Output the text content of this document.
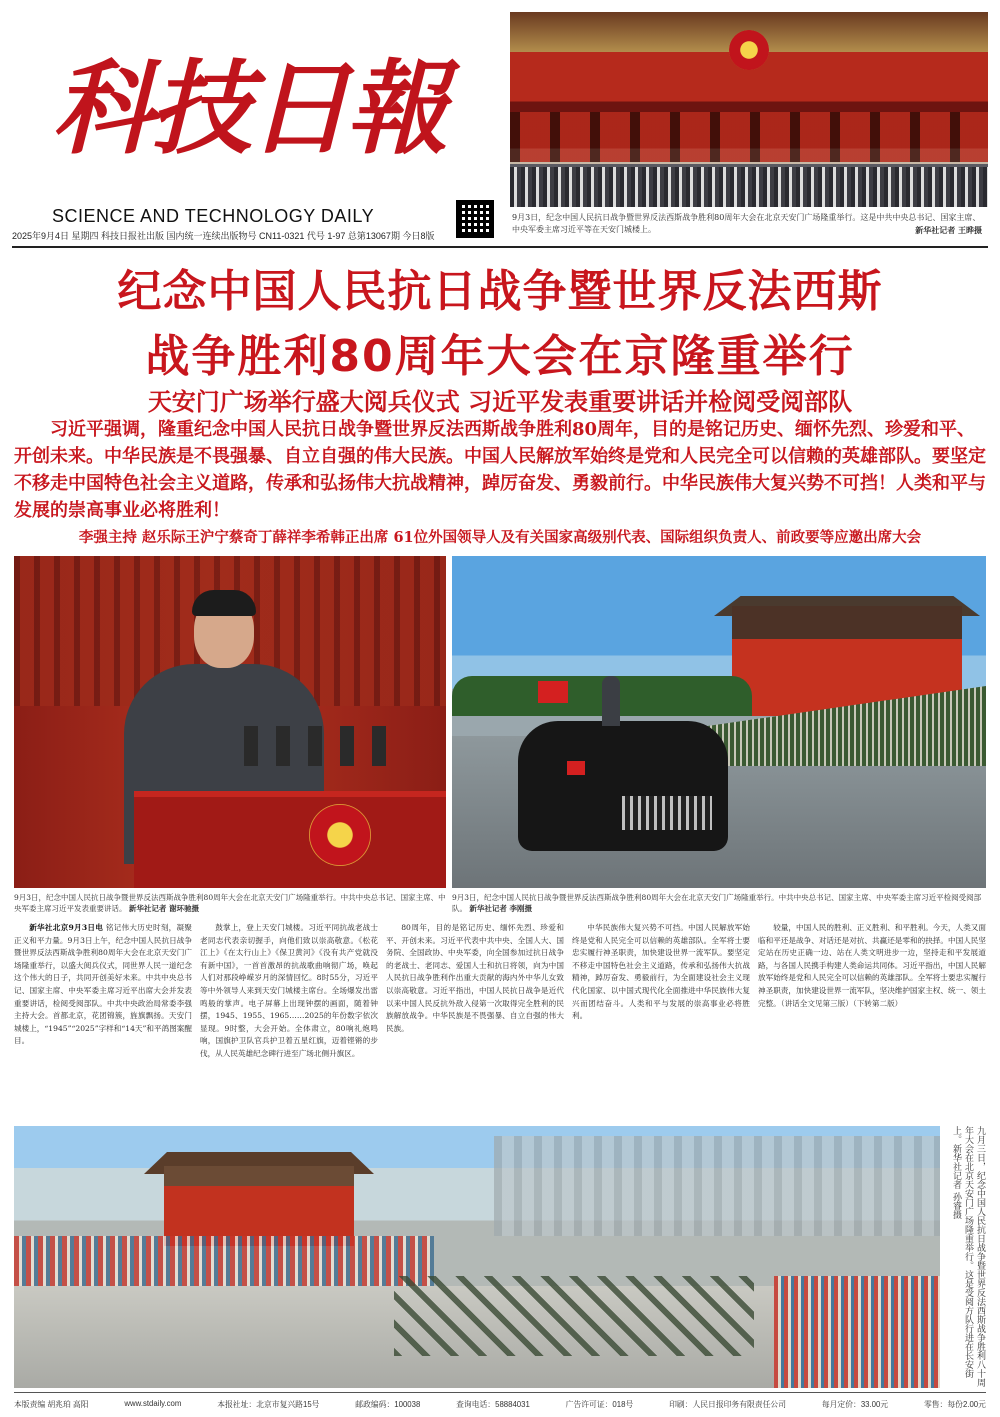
科技日報
SCIENCE AND TECHNOLOGY DAILY
2025年9月4日 星期四 科技日报社出版 国内统一连续出版物号 CN11-0321 代号 1-97 总第13067期 今日8版
9月3日，纪念中国人民抗日战争暨世界反法西斯战争胜利80周年大会在北京天安门广场隆重举行。这是中共中央总书记、国家主席、中央军委主席习近平等在天安门城楼上。	新华社记者 王晔摄
纪念中国人民抗日战争暨世界反法西斯
战争胜利80周年大会在京隆重举行
天安门广场举行盛大阅兵仪式 习近平发表重要讲话并检阅受阅部队
习近平强调，隆重纪念中国人民抗日战争暨世界反法西斯战争胜利80周年，目的是铭记历史、缅怀先烈、珍爱和平、开创未来。中华民族是不畏强暴、自立自强的伟大民族。中国人民解放军始终是党和人民完全可以信赖的英雄部队。要坚定不移走中国特色社会主义道路，传承和弘扬伟大抗战精神，踔厉奋发、勇毅前行。中华民族伟大复兴势不可挡！人类和平与发展的崇高事业必将胜利！
李强主持 赵乐际王沪宁蔡奇丁薛祥李希韩正出席 61位外国领导人及有关国家高级别代表、国际组织负责人、前政要等应邀出席大会
9月3日，纪念中国人民抗日战争暨世界反法西斯战争胜利80周年大会在北京天安门广场隆重举行。中共中央总书记、国家主席、中央军委主席习近平发表重要讲话。 新华社记者 谢环驰摄
9月3日，纪念中国人民抗日战争暨世界反法西斯战争胜利80周年大会在北京天安门广场隆重举行。中共中央总书记、国家主席、中央军委主席习近平检阅受阅部队。 新华社记者 李刚摄

新华社北京9月3日电 铭记伟大历史时刻，凝聚正义和平力量。9月3日上午，纪念中国人民抗日战争暨世界反法西斯战争胜利80周年大会在北京天安门广场隆重举行，以盛大阅兵仪式，同世界人民一道纪念这个伟大的日子，共同开创美好未来。中共中央总书记、国家主席、中央军委主席习近平出席大会并发表重要讲话，检阅受阅部队。中共中央政治局常委李强主持大会。首都北京，花团锦簇，旌旗飘扬。天安门城楼上，“1945”“2025”字样和“14天”和平鸽图案醒目。

鼓掌上，登上天安门城楼。习近平同抗战老战士老同志代表亲切握手，向他们致以崇高敬意。《松花江上》《在太行山上》《保卫黄河》《没有共产党就没有新中国》，一首首激昂的抗战歌曲响彻广场，唤起人们对那段峥嵘岁月的深情回忆。8时55分，习近平等中外领导人来到天安门城楼主席台。全场爆发出雷鸣般的掌声。电子屏幕上出现钟摆的画面，随着钟摆，1945、1955、1965……2025的年份数字依次显现。9时整，大会开始。全体肃立，80响礼炮鸣响，国旗护卫队官兵护卫着五星红旗，迈着铿锵的步伐，从人民英雄纪念碑行进至广场北侧升旗区。

80周年，目的是铭记历史、缅怀先烈、珍爱和平、开创未来。习近平代表中共中央、全国人大、国务院、全国政协、中央军委，向全国参加过抗日战争的老战士、老同志、爱国人士和抗日将领，向为中国人民抗日战争胜利作出重大贡献的海内外中华儿女致以崇高敬意。习近平指出，中国人民抗日战争是近代以来中国人民反抗外敌入侵第一次取得完全胜利的民族解放战争。中华民族是不畏强暴、自立自强的伟大民族。

中华民族伟大复兴势不可挡。中国人民解放军始终是党和人民完全可以信赖的英雄部队。全军将士要忠实履行神圣职责，加快建设世界一流军队。要坚定不移走中国特色社会主义道路，传承和弘扬伟大抗战精神，踔厉奋发、勇毅前行，为全面建设社会主义现代化国家、以中国式现代化全面推进中华民族伟大复兴而团结奋斗。人类和平与发展的崇高事业必将胜利。

较量，中国人民的胜利、正义胜利、和平胜利。今天，人类又面临和平还是战争、对话还是对抗、共赢还是零和的抉择。中国人民坚定站在历史正确一边、站在人类文明进步一边，坚持走和平发展道路，与各国人民携手构建人类命运共同体。习近平指出，中国人民解放军始终是党和人民完全可以信赖的英雄部队。全军将士要忠实履行神圣职责，加快建设世界一流军队，坚决维护国家主权、统一、领土完整。（讲话全文见第三版）（下转第二版）

九月三日，纪念中国人民抗日战争暨世界反法西斯战争胜利八十周年大会在北京天安门广场隆重举行。这是受阅方队行进在长安街上。新华社记者 孙睿摄
本版责编 胡兆珀 高阳	www.stdaily.com	本报社址：北京市复兴路15号	邮政编码：100038	查询电话：58884031	广告许可证：018号	印刷：人民日报印务有限责任公司	每月定价：33.00元	零售：每份2.00元
